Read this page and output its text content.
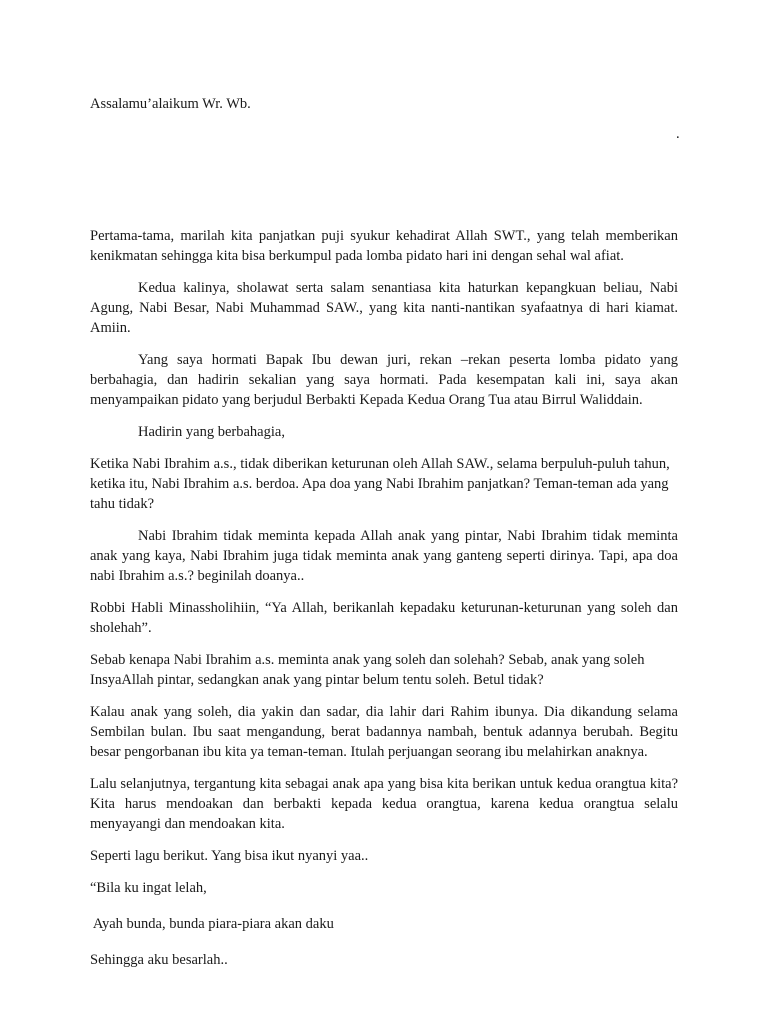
Assalamu’alaikum Wr. Wb.

.

Pertama-tama, marilah kita panjatkan puji syukur kehadirat Allah SWT., yang telah memberikan kenikmatan sehingga kita bisa berkumpul pada lomba pidato hari ini dengan sehal wal afiat.

Kedua kalinya, sholawat serta salam senantiasa kita haturkan kepangkuan beliau, Nabi Agung, Nabi Besar, Nabi Muhammad SAW., yang kita nanti-nantikan syafaatnya di hari kiamat. Amiin.

Yang saya hormati Bapak Ibu dewan juri, rekan –rekan peserta lomba pidato yang berbahagia, dan hadirin sekalian yang saya hormati. Pada kesempatan kali ini, saya akan menyampaikan pidato yang berjudul Berbakti Kepada Kedua Orang Tua atau Birrul Waliddain.

Hadirin yang berbahagia,

Ketika Nabi Ibrahim a.s., tidak diberikan keturunan oleh Allah SAW., selama berpuluh-puluh tahun, ketika itu, Nabi Ibrahim a.s. berdoa. Apa doa yang Nabi Ibrahim panjatkan? Teman-teman ada yang tahu tidak?

Nabi Ibrahim tidak meminta kepada Allah anak yang pintar, Nabi Ibrahim tidak meminta anak yang kaya, Nabi Ibrahim juga tidak meminta anak yang ganteng seperti dirinya. Tapi, apa doa nabi Ibrahim a.s.? beginilah doanya..

Robbi Habli Minassholihiin, “Ya Allah, berikanlah kepadaku keturunan-keturunan yang soleh dan sholehah”.

Sebab kenapa Nabi Ibrahim a.s. meminta anak yang soleh dan solehah? Sebab, anak yang soleh InsyaAllah pintar, sedangkan anak yang pintar belum tentu soleh. Betul tidak?

Kalau anak yang soleh, dia yakin dan sadar, dia lahir dari Rahim ibunya. Dia dikandung selama Sembilan bulan. Ibu saat mengandung, berat badannya nambah, bentuk adannya berubah. Begitu besar pengorbanan ibu kita ya teman-teman. Itulah perjuangan seorang ibu melahirkan anaknya.

Lalu selanjutnya, tergantung kita sebagai anak apa yang bisa kita berikan untuk kedua orangtua kita? Kita harus mendoakan dan berbakti kepada kedua orangtua, karena kedua orangtua selalu menyayangi dan mendoakan kita.

Seperti lagu berikut. Yang bisa ikut nyanyi yaa..

“Bila ku ingat lelah,

Ayah bunda, bunda piara-piara akan daku

Sehingga aku besarlah..
